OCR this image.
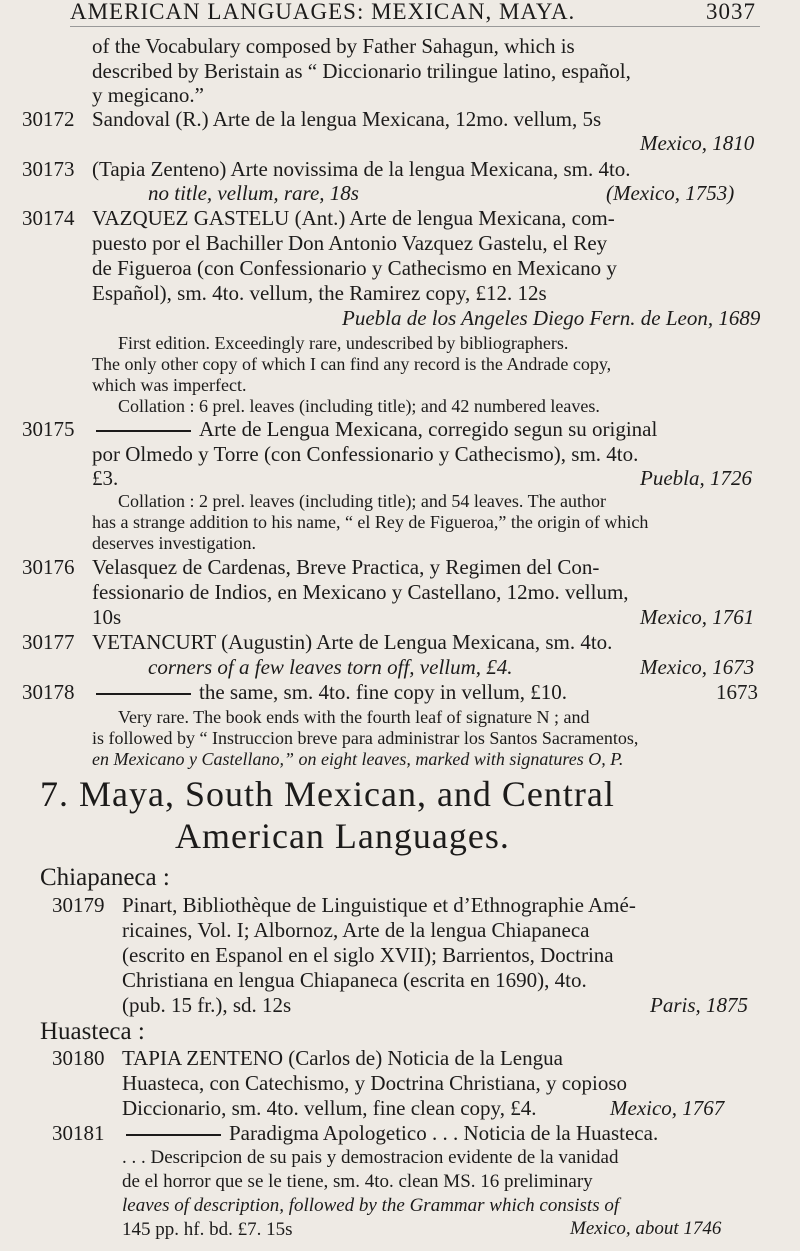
AMERICAN LANGUAGES: MEXICAN, MAYA.	3037
of the Vocabulary composed by Father Sahagun, which is
described by Beristain as “ Diccionario trilingue latino, español,
y megicano.”
30172 Sandoval (R.) Arte de la lengua Mexicana, 12mo. vellum, 5s
Mexico, 1810
30173 (Tapia Zenteno) Arte novissima de la lengua Mexicana, sm. 4to.
no title, vellum, rare, 18s	(Mexico, 1753)
30174 VAZQUEZ GASTELU (Ant.) Arte de lengua Mexicana, com-
puesto por el Bachiller Don Antonio Vazquez Gastelu, el Rey
de Figueroa (con Confessionario y Cathecismo en Mexicano y
Español), sm. 4to. vellum, the Ramirez copy, £12. 12s
Puebla de los Angeles Diego Fern. de Leon, 1689
First edition. Exceedingly rare, undescribed by bibliographers.
The only other copy of which I can find any record is the Andrade copy,
which was imperfect.
Collation : 6 prel. leaves (including title); and 42 numbered leaves.
30175	Arte de Lengua Mexicana, corregido segun su original
por Olmedo y Torre (con Confessionario y Cathecismo), sm. 4to.
£3.	Puebla, 1726
Collation : 2 prel. leaves (including title); and 54 leaves. The author
has a strange addition to his name, “ el Rey de Figueroa,” the origin of which
deserves investigation.
30176 Velasquez de Cardenas, Breve Practica, y Regimen del Con-
fessionario de Indios, en Mexicano y Castellano, 12mo. vellum,
10s	Mexico, 1761
30177 VETANCURT (Augustin) Arte de Lengua Mexicana, sm. 4to.
corners of a few leaves torn off, vellum, £4.	Mexico, 1673
30178	the same, sm. 4to. fine copy in vellum, £10.	1673
Very rare. The book ends with the fourth leaf of signature N ; and
is followed by “ Instruccion breve para administrar los Santos Sacramentos,
en Mexicano y Castellano,” on eight leaves, marked with signatures O, P.
7. Maya, South Mexican, and Central
American Languages.
Chiapaneca :
30179 Pinart, Bibliothèque de Linguistique et d’Ethnographie Amé-
ricaines, Vol. I; Albornoz, Arte de la lengua Chiapaneca
(escrito en Espanol en el siglo XVII); Barrientos, Doctrina
Christiana en lengua Chiapaneca (escrita en 1690), 4to.
(pub. 15 fr.), sd. 12s	Paris, 1875
Huasteca :
30180 TAPIA ZENTENO (Carlos de) Noticia de la Lengua
Huasteca, con Catechismo, y Doctrina Christiana, y copioso
Diccionario, sm. 4to. vellum, fine clean copy, £4.	Mexico, 1767
30181	Paradigma Apologetico . . . Noticia de la Huasteca.
. . . Descripcion de su pais y demostracion evidente de la vanidad
de el horror que se le tiene, sm. 4to. clean MS. 16 preliminary
leaves of description, followed by the Grammar which consists of
145 pp. hf. bd. £7. 15s	Mexico, about 1746
